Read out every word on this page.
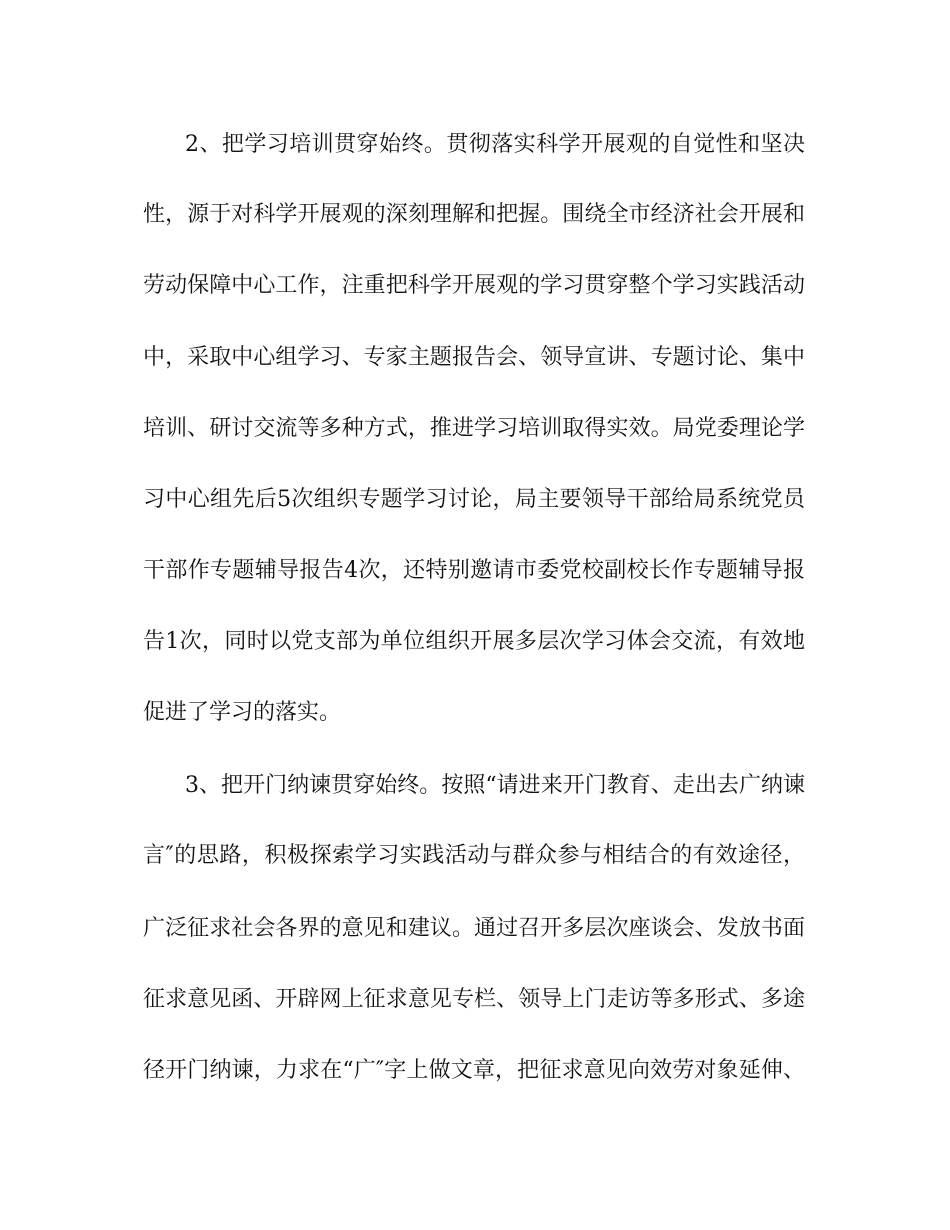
2、把学习培训贯穿始终。贯彻落实科学开展观的自觉性和坚决
性，源于对科学开展观的深刻理解和把握。围绕全市经济社会开展和
劳动保障中心工作，注重把科学开展观的学习贯穿整个学习实践活动
中，采取中心组学习、专家主题报告会、领导宣讲、专题讨论、集中
培训、研讨交流等多种方式，推进学习培训取得实效。局党委理论学
习中心组先后5次组织专题学习讨论，局主要领导干部给局系统党员
干部作专题辅导报告4次，还特别邀请市委党校副校长作专题辅导报
告1次，同时以党支部为单位组织开展多层次学习体会交流，有效地
促进了学习的落实。
3、把开门纳谏贯穿始终。按照“请进来开门教育、走出去广纳谏
言″的思路，积极探索学习实践活动与群众参与相结合的有效途径，
广泛征求社会各界的意见和建议。通过召开多层次座谈会、发放书面
征求意见函、开辟网上征求意见专栏、领导上门走访等多形式、多途
径开门纳谏，力求在“广″字上做文章，把征求意见向效劳对象延伸、
